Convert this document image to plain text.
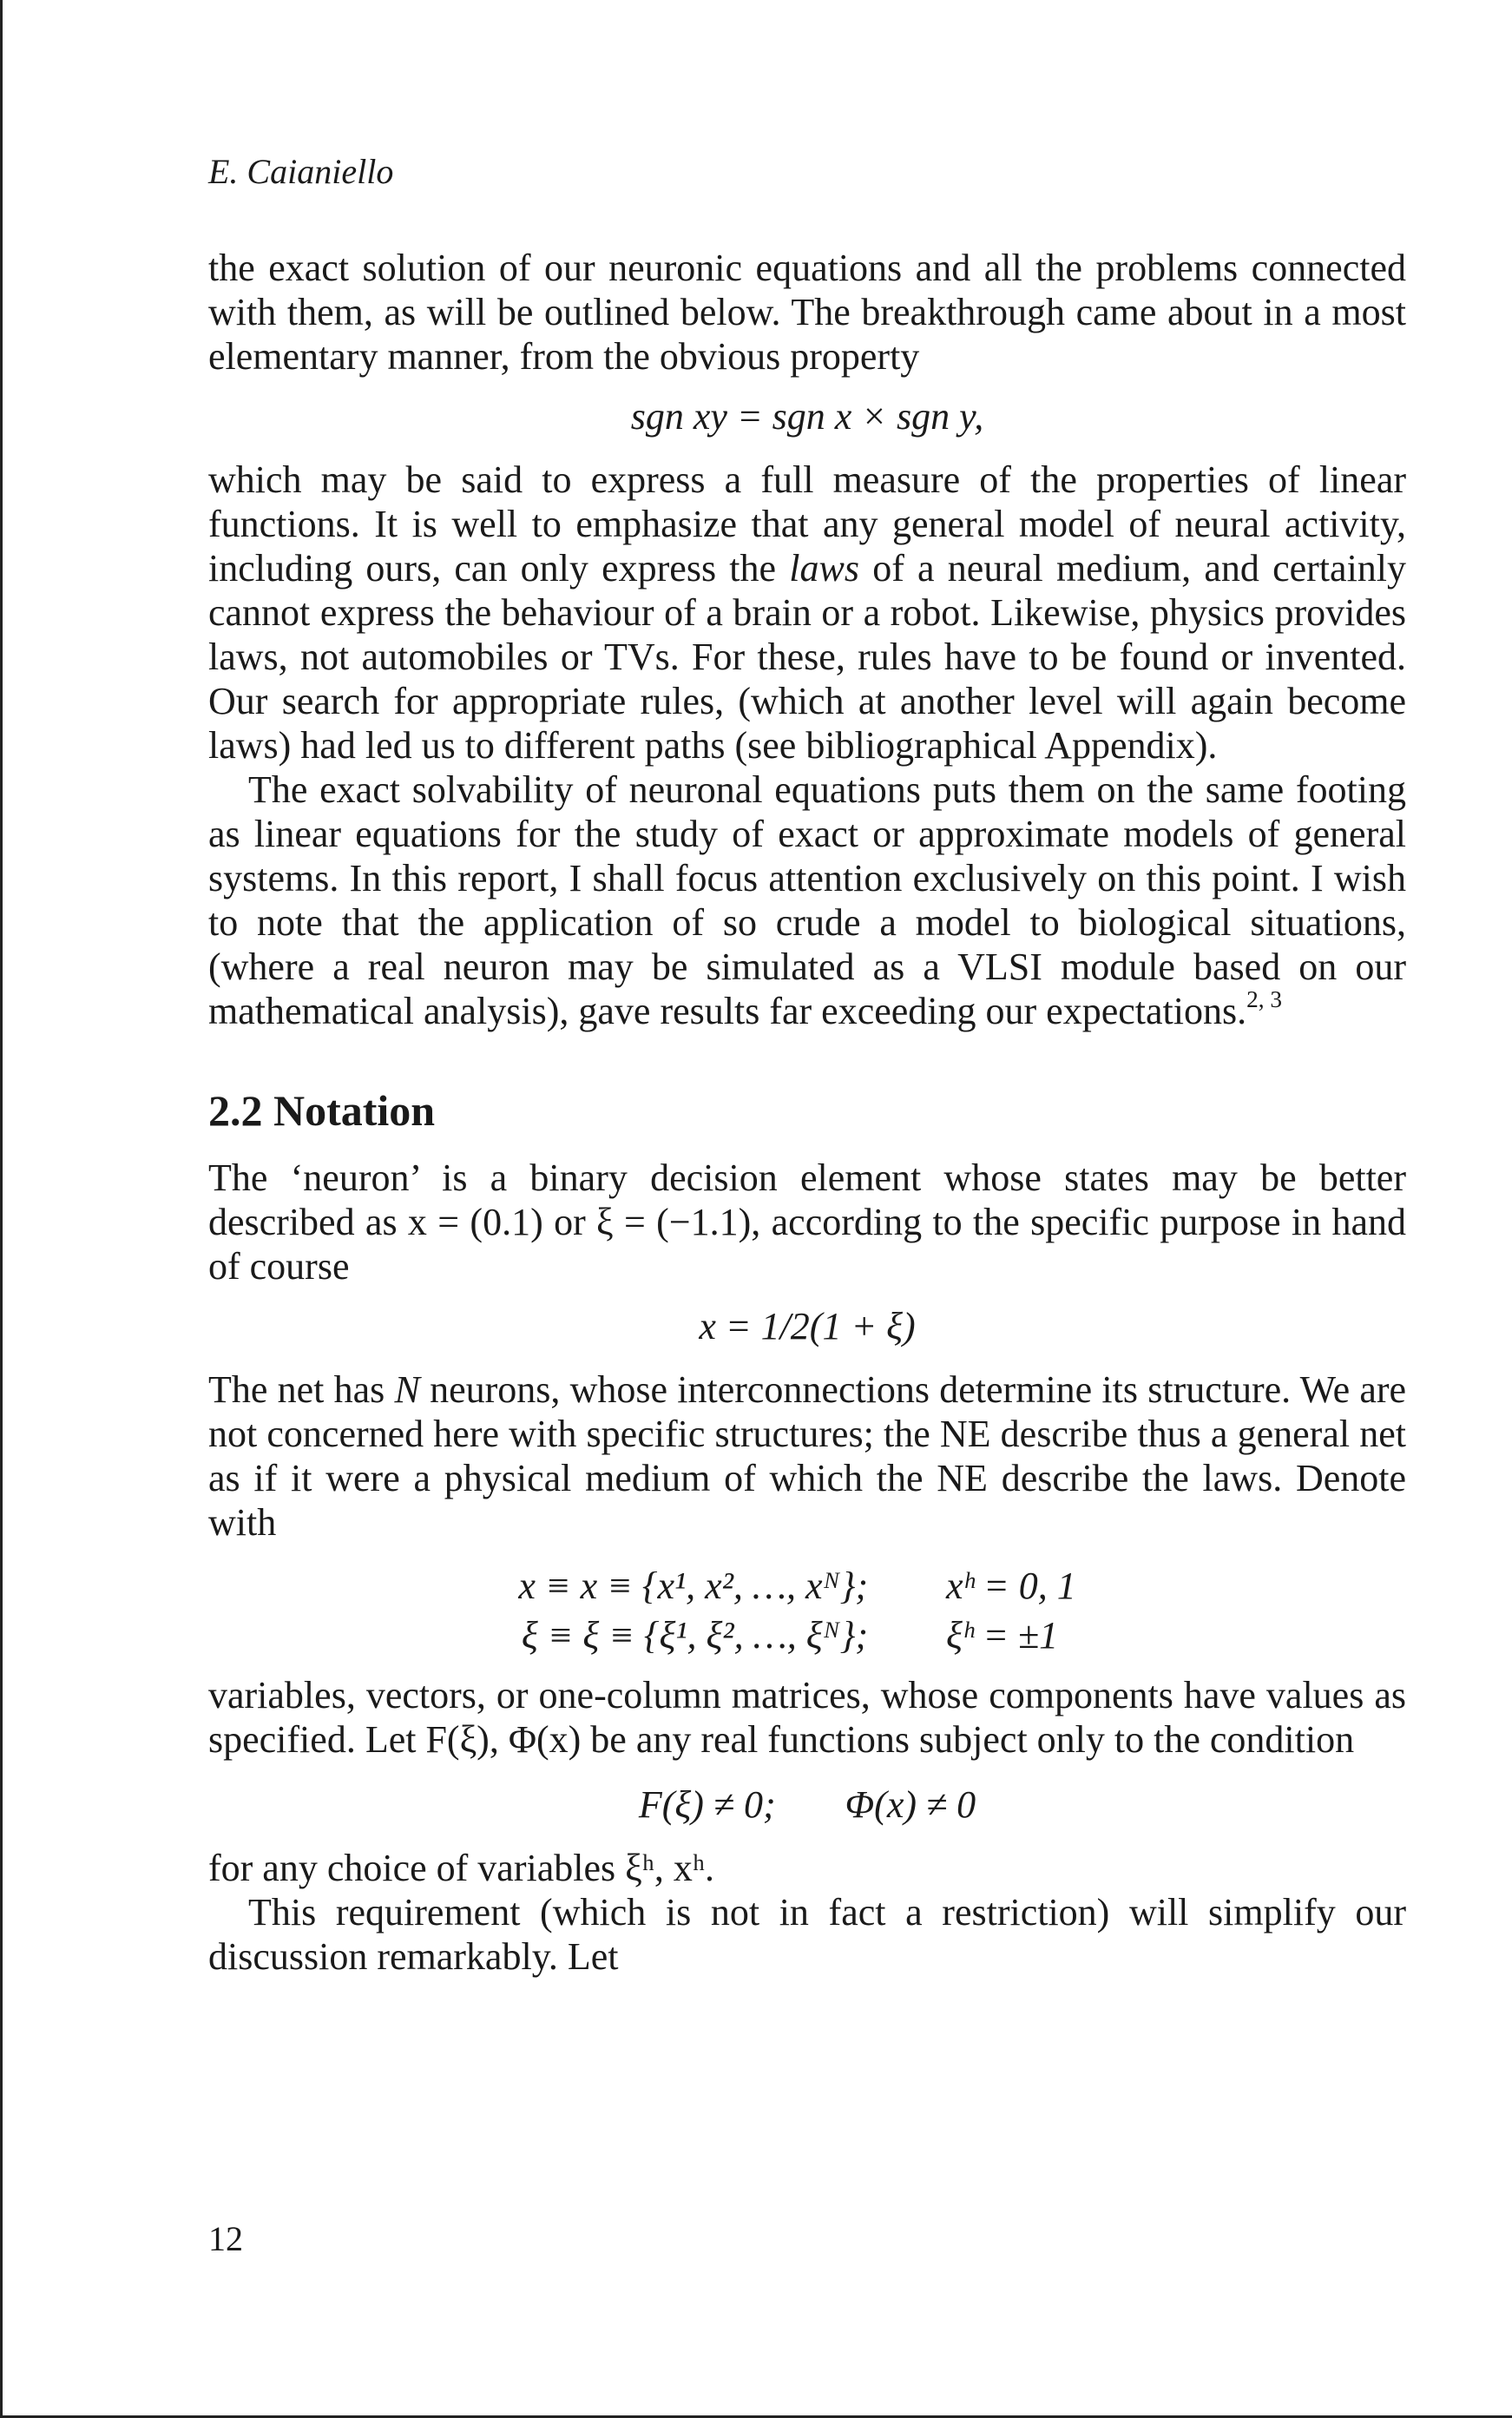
E. Caianiello

the exact solution of our neuronic equations and all the problems connected with them, as will be outlined below. The breakthrough came about in a most elementary manner, from the obvious property

sgn xy = sgn x × sgn y,

which may be said to express a full measure of the properties of linear functions. It is well to emphasize that any general model of neural activity, including ours, can only express the laws of a neural medium, and certainly cannot express the behaviour of a brain or a robot. Likewise, physics provides laws, not automobiles or TVs. For these, rules have to be found or invented. Our search for appropriate rules, (which at another level will again become laws) had led us to different paths (see bibliographical Appendix).

The exact solvability of neuronal equations puts them on the same footing as linear equations for the study of exact or approximate models of general systems. In this report, I shall focus attention exclusively on this point. I wish to note that the application of so crude a model to biological situations, (where a real neuron may be simulated as a VLSI module based on our mathematical analysis), gave results far exceeding our expectations.$^{2, 3}$

2.2 Notation

The ‘neuron’ is a binary decision element whose states may be better described as x = (0.1) or ξ = (−1.1), according to the specific purpose in hand of course

x = 1/2(1 + ξ)

The net has N neurons, whose interconnections determine its structure. We are not concerned here with specific structures; the NE describe thus a general net as if it were a physical medium of which the NE describe the laws. Denote with

x ≡ x ≡ {x¹, x², …, xᴺ}; xʰ = 0, 1
ξ ≡ ξ ≡ {ξ¹, ξ², …, ξᴺ}; ξʰ = ±1

variables, vectors, or one-column matrices, whose components have values as specified. Let F(ξ), Φ(x) be any real functions subject only to the condition

F(ξ) ≠ 0; Φ(x) ≠ 0

for any choice of variables ξʰ, xʰ.

This requirement (which is not in fact a restriction) will simplify our discussion remarkably. Let

12
